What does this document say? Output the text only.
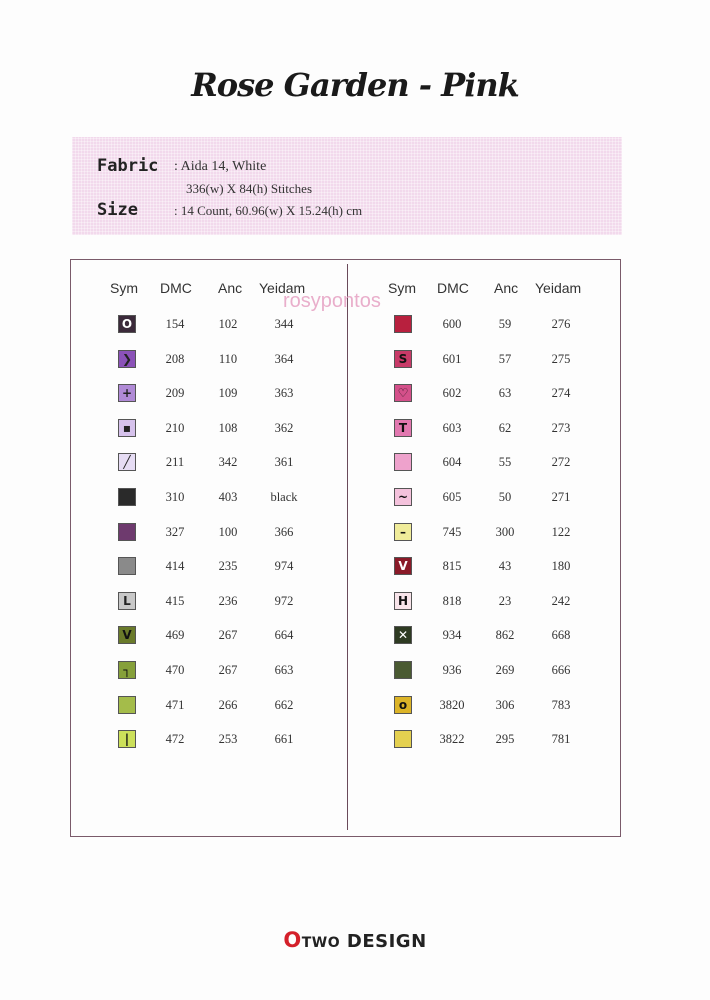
Rose Garden - Pink
Fabric : Aida 14, White
336(w) X 84(h) Stitches
Size	: 14 Count, 60.96(w) X 15.24(h) cm
Sym DMC Anc Yeidam	Sym DMC Anc Yeidam
rosypontos
O	154	102	344
❯	208	110	364
+	209	109	363
▪	210	108	362
╱	211	342	361
310	403	black
327	100	366
414	235	974
L	415	236	972
V	469	267	664
┐	470	267	663
471	266	662
|	472	253	661
600	59	276
S	601	57	275
♡	602	63	274
T	603	62	273
604	55	272
~	605	50	271
–	745	300	122
V	815	43	180
H	818	23	242
✕	934	862	668
936	269	666
o	3820	306	783
3822	295	781
OTWO DESIGN
